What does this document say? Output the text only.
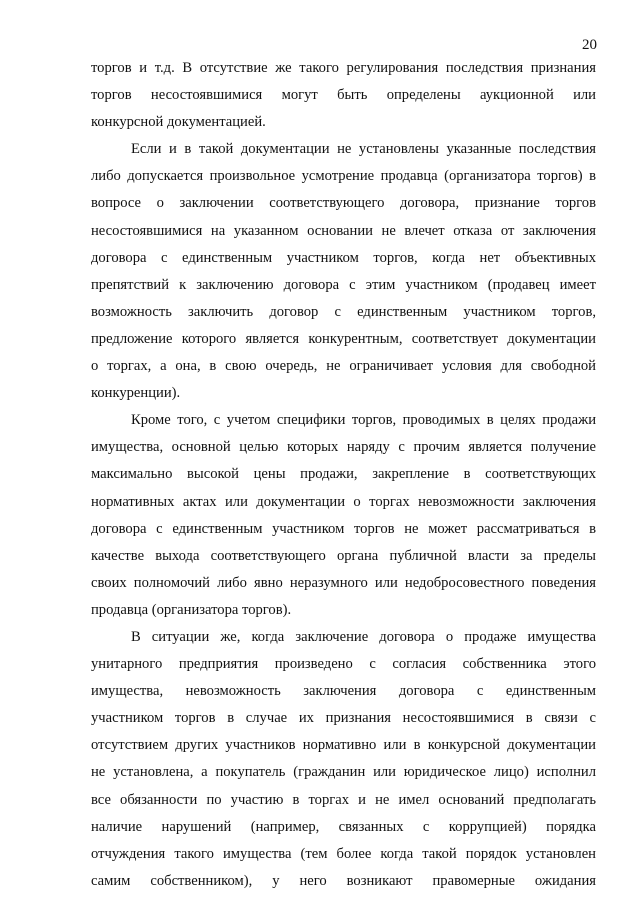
20
торгов и т.д. В отсутствие же такого регулирования последствия признания
торгов несостоявшимися могут быть определены аукционной или
конкурсной документацией.
Если и в такой документации не установлены указанные последствия
либо допускается произвольное усмотрение продавца (организатора торгов) в
вопросе о заключении соответствующего договора, признание торгов
несостоявшимися на указанном основании не влечет отказа от заключения
договора с единственным участником торгов, когда нет объективных
препятствий к заключению договора с этим участником (продавец имеет
возможность заключить договор с единственным участником торгов,
предложение которого является конкурентным, соответствует документации
о торгах, а она, в свою очередь, не ограничивает условия для свободной
конкуренции).
Кроме того, с учетом специфики торгов, проводимых в целях продажи
имущества, основной целью которых наряду с прочим является получение
максимально высокой цены продажи, закрепление в соответствующих
нормативных актах или документации о торгах невозможности заключения
договора с единственным участником торгов не может рассматриваться в
качестве выхода соответствующего органа публичной власти за пределы
своих полномочий либо явно неразумного или недобросовестного поведения
продавца (организатора торгов).
В ситуации же, когда заключение договора о продаже имущества
унитарного предприятия произведено с согласия собственника этого
имущества, невозможность заключения договора с единственным
участником торгов в случае их признания несостоявшимися в связи с
отсутствием других участников нормативно или в конкурсной документации
не установлена, а покупатель (гражданин или юридическое лицо) исполнил
все обязанности по участию в торгах и не имел оснований предполагать
наличие нарушений (например, связанных с коррупцией) порядка
отчуждения такого имущества (тем более когда такой порядок установлен
самим собственником), у него возникают правомерные ожидания
